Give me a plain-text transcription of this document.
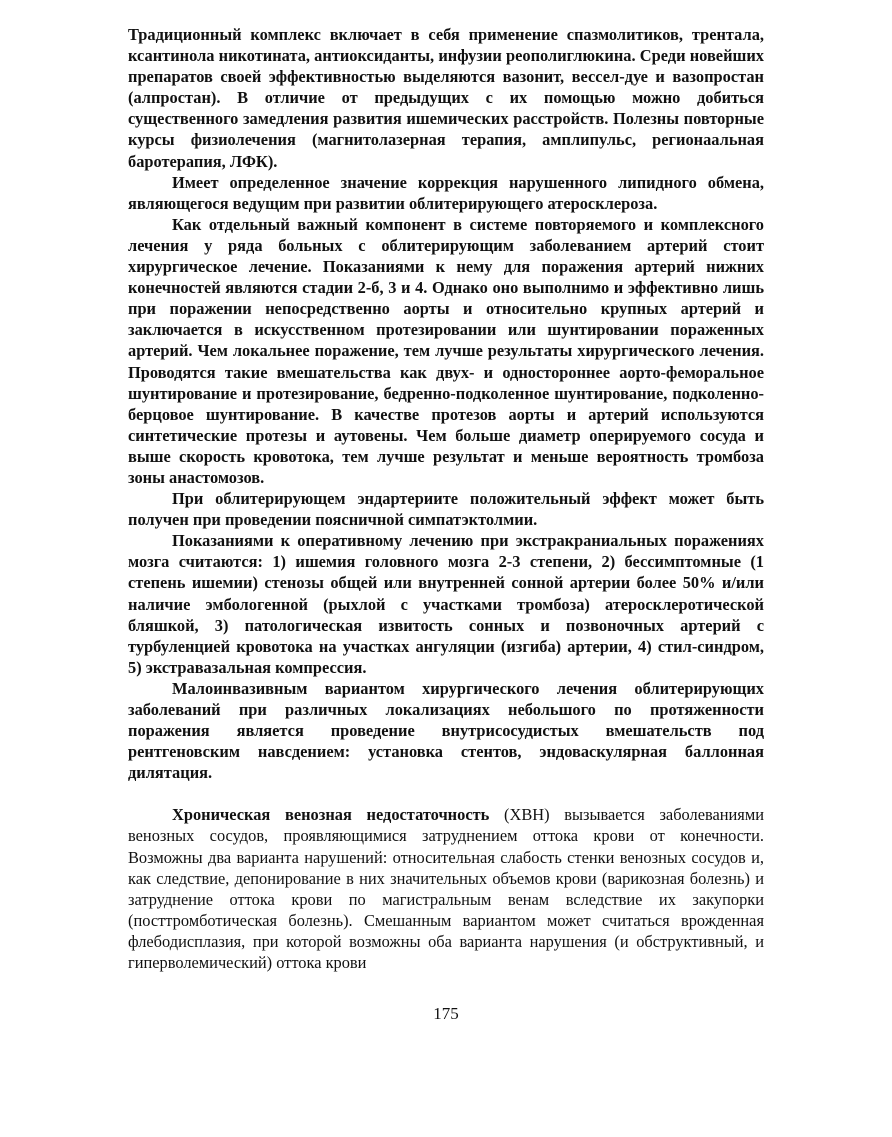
Традиционный комплекс включает в себя применение спазмолитиков, трентала, ксантинола никотината, антиоксиданты, инфузии реополиглюкина. Среди новейших препаратов своей эффективностью выделяются вазонит, вессел-дуе и вазопростан (алпростан). В отличие от предыдущих с их помощью можно добиться существенного замедления развития ишемических расстройств. Полезны повторные курсы физиолечения (магнитолазерная терапия, амплипульс, регионаальная баротерапия, ЛФК).

Имеет определенное значение коррекция нарушенного липидного обмена, являющегося ведущим при развитии облитерирующего атеросклероза.

Как отдельный важный компонент в системе повторяемого и комплексного лечения у ряда больных с облитерирующим заболеванием артерий стоит хирургическое лечение. Показаниями к нему для поражения артерий нижних конечностей являются стадии 2-б, 3 и 4. Однако оно выполнимо и эффективно лишь при поражении непосредственно аорты и относительно крупных артерий и заключается в искусственном протезировании или шунтировании пораженных артерий. Чем локальнее поражение, тем лучше результаты хирургического лечения. Проводятся такие вмешательства как двух- и одностороннее аорто-феморальное шунтирование и протезирование, бедренно-подколенное шунтирование, подколенно-берцовое шунтирование. В качестве протезов аорты и артерий используются синтетические протезы и аутовены. Чем больше диаметр оперируемого сосуда и выше скорость кровотока, тем лучше результат и меньше вероятность тромбоза зоны анастомозов.

При облитерирующем эндартериите положительный эффект может быть получен при проведении поясничной симпатэктолмии.

Показаниями к оперативному лечению при экстракраниальных поражениях мозга считаются: 1) ишемия головного мозга 2-3 степени, 2) бессимптомные (1 степень ишемии) стенозы общей или внутренней сонной артерии более 50% и/или наличие эмбологенной (рыхлой с участками тромбоза) атеросклеротической бляшкой, 3) патологическая извитость сонных и позвоночных артерий с турбуленцией кровотока на участках ангуляции (изгиба) артерии, 4) стил-синдром, 5) экстравазальная компрессия.

Малоинвазивным вариантом хирургического лечения облитерирующих заболеваний при различных локализациях небольшого по протяженности поражения является проведение внутрисосудистых вмешательств под рентгеновским навсдением: установка стентов, эндоваскулярная баллонная дилятация.

Хроническая венозная недостаточность (ХВН) вызывается заболеваниями венозных сосудов, проявляющимися затруднением оттока крови от конечности. Возможны два варианта нарушений: относительная слабость стенки венозных сосудов и, как следствие, депонирование в них значительных объемов крови (варикозная болезнь) и затруднение оттока крови по магистральным венам вследствие их закупорки (посттромботическая болезнь). Смешанным вариантом может считаться врожденная флебодисплазия, при которой возможны оба варианта нарушения (и обструктивный, и гиперволемический) оттока крови

175
